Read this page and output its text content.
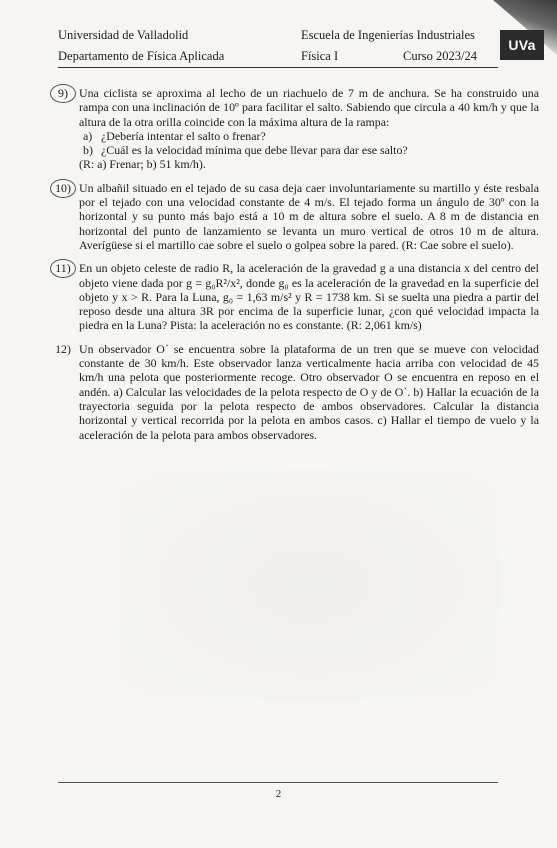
Universidad de Valladolid	Escuela de Ingenierías Industriales
Departamento de Física Aplicada	Física I	Curso 2023/24
UVa
9) Una ciclista se aproxima al lecho de un riachuelo de 7 m de anchura. Se ha construido una rampa con una inclinación de 10º para facilitar el salto. Sabiendo que circula a 40 km/h y que la altura de la otra orilla coincide con la máxima altura de la rampa:
a) ¿Debería intentar el salto o frenar?
b) ¿Cuál es la velocidad mínima que debe llevar para dar ese salto?
(R: a) Frenar; b) 51 km/h).
10) Un albañil situado en el tejado de su casa deja caer involuntariamente su martillo y éste resbala por el tejado con una velocidad constante de 4 m/s. El tejado forma un ángulo de 30º con la horizontal y su punto más bajo está a 10 m de altura sobre el suelo. A 8 m de distancia en horizontal del punto de lanzamiento se levanta un muro vertical de otros 10 m de altura. Averígüese si el martillo cae sobre el suelo o golpea sobre la pared. (R: Cae sobre el suelo).
11) En un objeto celeste de radio R, la aceleración de la gravedad g a una distancia x del centro del objeto viene dada por g = g₀R²/x², donde g₀ es la aceleración de la gravedad en la superficie del objeto y x > R. Para la Luna, g₀ = 1,63 m/s² y R = 1738 km. Si se suelta una piedra a partir del reposo desde una altura 3R por encima de la superficie lunar, ¿con qué velocidad impacta la piedra en la Luna? Pista: la aceleración no es constante. (R: 2,061 km/s)
12) Un observador O´ se encuentra sobre la plataforma de un tren que se mueve con velocidad constante de 30 km/h. Este observador lanza verticalmente hacia arriba con velocidad de 45 km/h una pelota que posteriormente recoge. Otro observador O se encuentra en reposo en el andén. a) Calcular las velocidades de la pelota respecto de O y de O´. b) Hallar la ecuación de la trayectoria seguida por la pelota respecto de ambos observadores. Calcular la distancia horizontal y vertical recorrida por la pelota en ambos casos. c) Hallar el tiempo de vuelo y la aceleración de la pelota para ambos observadores.
2
